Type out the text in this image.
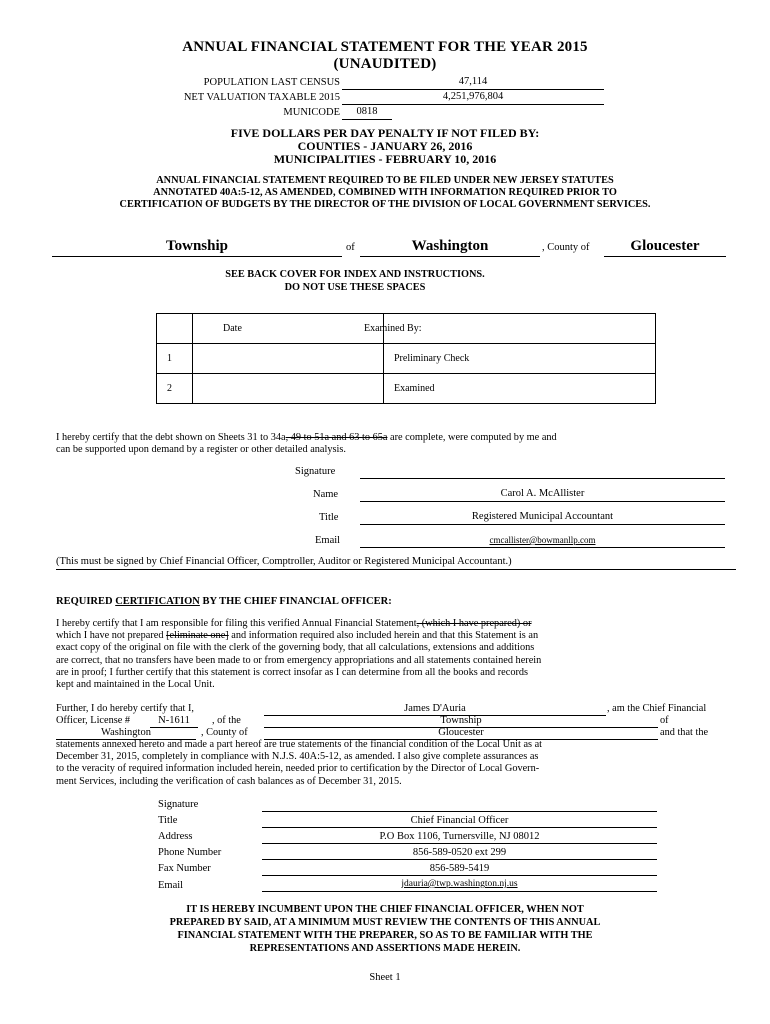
ANNUAL FINANCIAL STATEMENT FOR THE YEAR 2015
(UNAUDITED)
POPULATION LAST CENSUS	47,114
NET VALUATION TAXABLE 2015	4,251,976,804
MUNICODE	0818
FIVE DOLLARS PER DAY PENALTY IF NOT FILED BY:
COUNTIES - JANUARY 26, 2016
MUNICIPALITIES - FEBRUARY 10, 2016
ANNUAL FINANCIAL STATEMENT REQUIRED TO BE FILED UNDER NEW JERSEY STATUTES
ANNOTATED 40A:5-12, AS AMENDED, COMBINED WITH INFORMATION REQUIRED PRIOR TO
CERTIFICATION OF BUDGETS BY THE DIRECTOR OF THE DIVISION OF LOCAL GOVERNMENT SERVICES.
Township	of	Washington	, County of	Gloucester
SEE BACK COVER FOR INDEX AND INSTRUCTIONS.
DO NOT USE THESE SPACES
	Date	Examined By:
1		Preliminary Check
2		Examined
I hereby certify that the debt shown on Sheets 31 to 34a, 49 to 51a and 63 to 65a are complete, were computed by me and
can be supported upon demand by a register or other detailed analysis.
Signature
Name	Carol A. McAllister
Title	Registered Municipal Accountant
Email	cmcallister@bowmanllp.com
(This must be signed by Chief Financial Officer, Comptroller, Auditor or Registered Municipal Accountant.)
REQUIRED CERTIFICATION BY THE CHIEF FINANCIAL OFFICER:
I hereby certify that I am responsible for filing this verified Annual Financial Statement, (which I have prepared) or
which I have not prepared [eliminate one] and information required also included herein and that this Statement is an
exact copy of the original on file with the clerk of the governing body, that all calculations, extensions and additions
are correct, that no transfers have been made to or from emergency appropriations and all statements contained herein
are in proof; I further certify that this statement is correct insofar as I can determine from all the books and records
kept and maintained in the Local Unit.
Further, I do hereby certify that I,	James D'Auria	, am the Chief Financial
Officer, License #	N-1611	, of the	Township	of
Washington	, County of	Gloucester	and that the
statements annexed hereto and made a part hereof are true statements of the financial condition of the Local Unit as at
December 31, 2015, completely in compliance with N.J.S. 40A:5-12, as amended. I also give complete assurances as
to the veracity of required information included herein, needed prior to certification by the Director of Local Govern-
ment Services, including the verification of cash balances as of December 31, 2015.
Signature
Title	Chief Financial Officer
Address	P.O Box 1106, Turnersville, NJ 08012
Phone Number	856-589-0520 ext 299
Fax Number	856-589-5419
Email	jdauria@twp.washington.nj.us
IT IS HEREBY INCUMBENT UPON THE CHIEF FINANCIAL OFFICER, WHEN NOT
PREPARED BY SAID, AT A MINIMUM MUST REVIEW THE CONTENTS OF THIS ANNUAL
FINANCIAL STATEMENT WITH THE PREPARER, SO AS TO BE FAMILIAR WITH THE
REPRESENTATIONS AND ASSERTIONS MADE HEREIN.
Sheet 1
